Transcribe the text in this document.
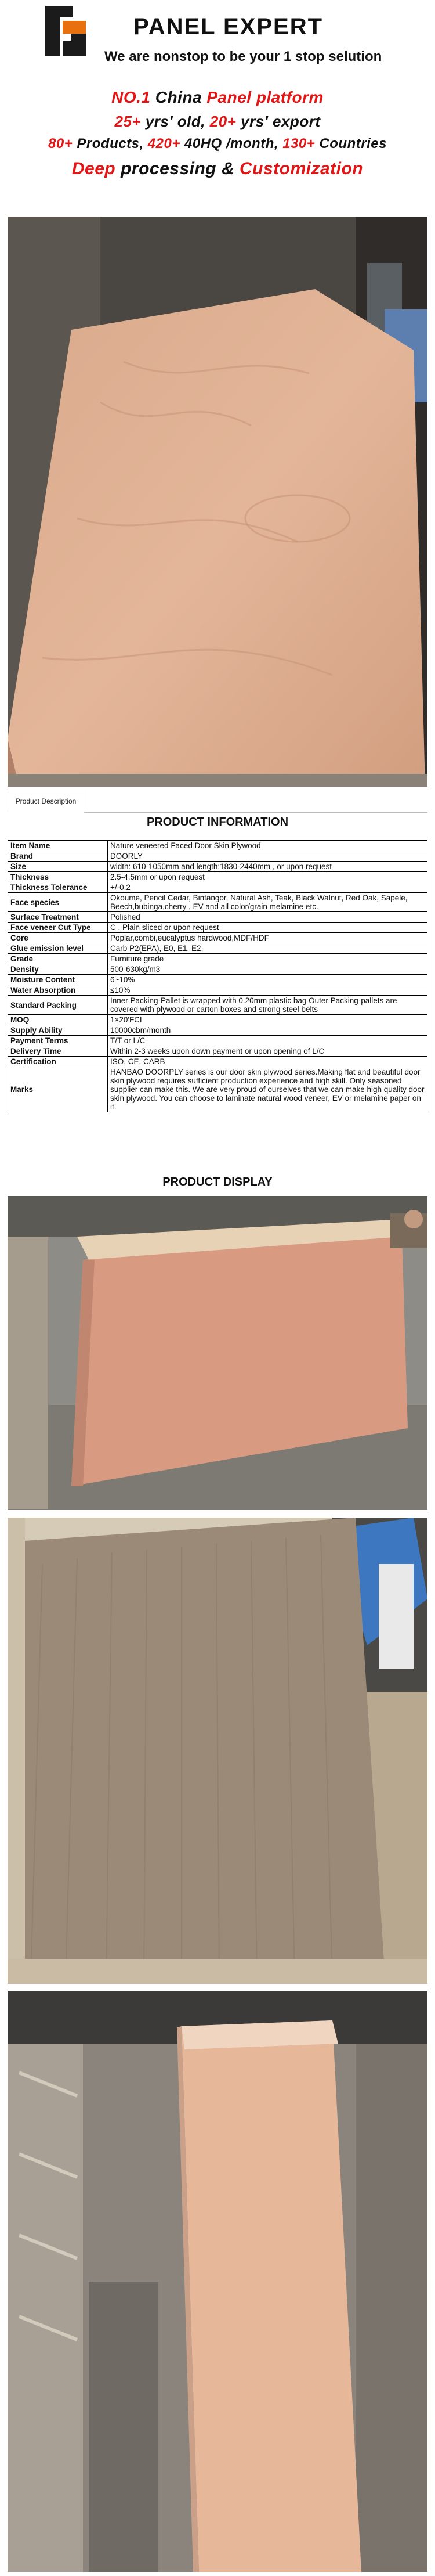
PANEL EXPERT
We are nonstop to be your 1 stop selution
NO.1 China Panel platform
25+ yrs' old, 20+ yrs' export
80+ Products, 420+ 40HQ /month, 130+ Countries
Deep processing & Customization
Product Description
PRODUCT INFORMATION
Item Name	Nature veneered Faced Door Skin Plywood
Brand	DOORLY
Size	width: 610-1050mm and length:1830-2440mm , or upon request
Thickness	2.5-4.5mm or upon request
Thickness Tolerance	+/-0.2
Face species	Okoume, Pencil Cedar, Bintangor, Natural Ash, Teak, Black Walnut, Red Oak, Sapele, Beech,bubinga,cherry , EV and all color/grain melamine etc.
Surface Treatment	Polished
Face veneer Cut Type	C , Plain sliced or upon request
Core	Poplar,combi,eucalyptus hardwood,MDF/HDF
Glue emission level	Carb P2(EPA), E0, E1, E2,
Grade	Furniture grade
Density	500-630kg/m3
Moisture Content	6~10%
Water Absorption	≤10%
Standard Packing	Inner Packing-Pallet is wrapped with 0.20mm plastic bag Outer Packing-pallets are covered with plywood or carton boxes and strong steel belts
MOQ	1×20'FCL
Supply Ability	10000cbm/month
Payment Terms	T/T or L/C
Delivery Time	Within 2-3 weeks upon down payment or upon opening of L/C
Certification	ISO, CE, CARB
Marks	HANBAO DOORPLY series is our door skin plywood series.Making flat and beautiful door skin plywood requires sufficient production experience and high skill. Only seasoned supplier can make this. We are very proud of ourselves that we can make high quality door skin plywood. You can choose to laminate natural wood veneer, EV or melamine paper on it.
PRODUCT DISPLAY
